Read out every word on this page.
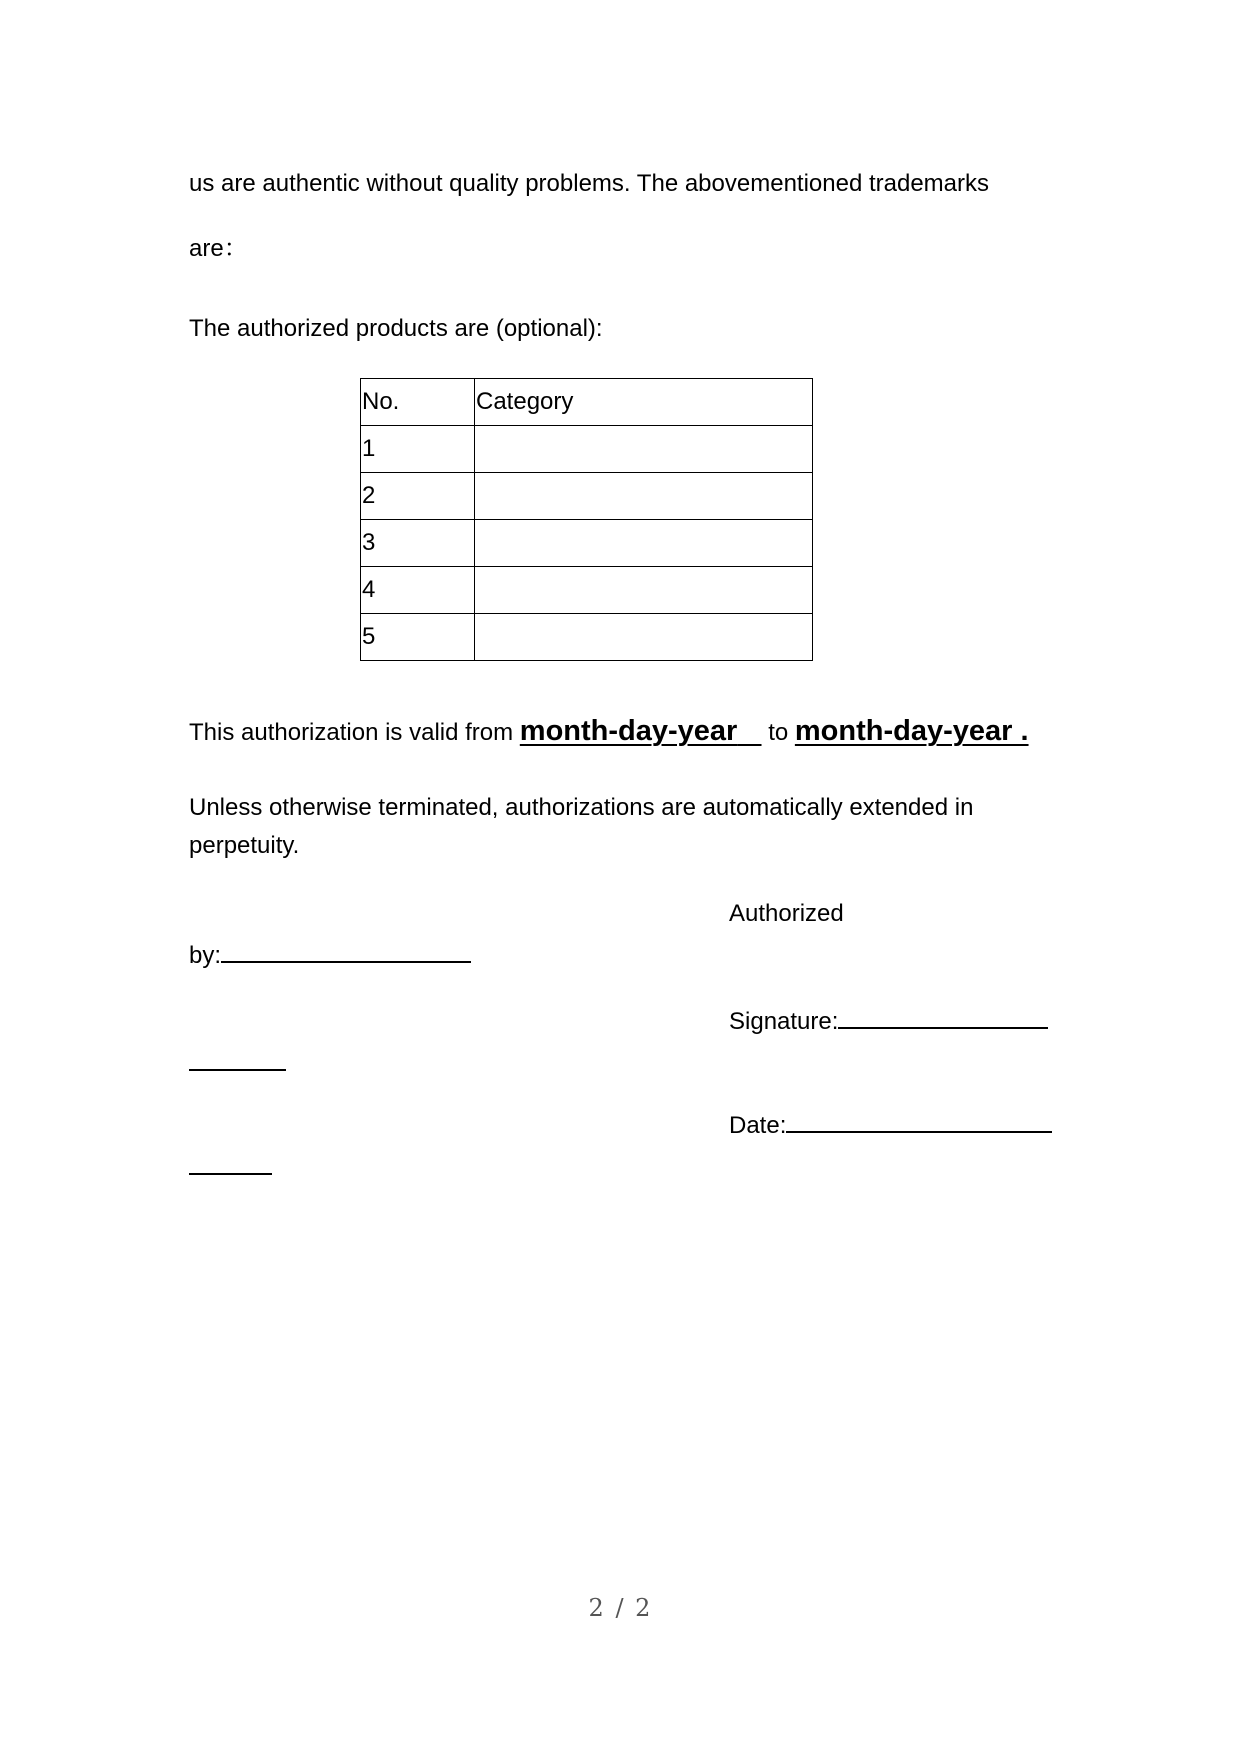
us are authentic without quality problems. The abovementioned trademarks
are：
The authorized products are (optional):
No.	Category
1	
2	
3	
4	
5	
This authorization is valid from month-day-year to month-day-year .
Unless otherwise terminated, authorizations are automatically extended in
perpetuity.
Authorized
by:
Signature:
Date:
2 / 2
